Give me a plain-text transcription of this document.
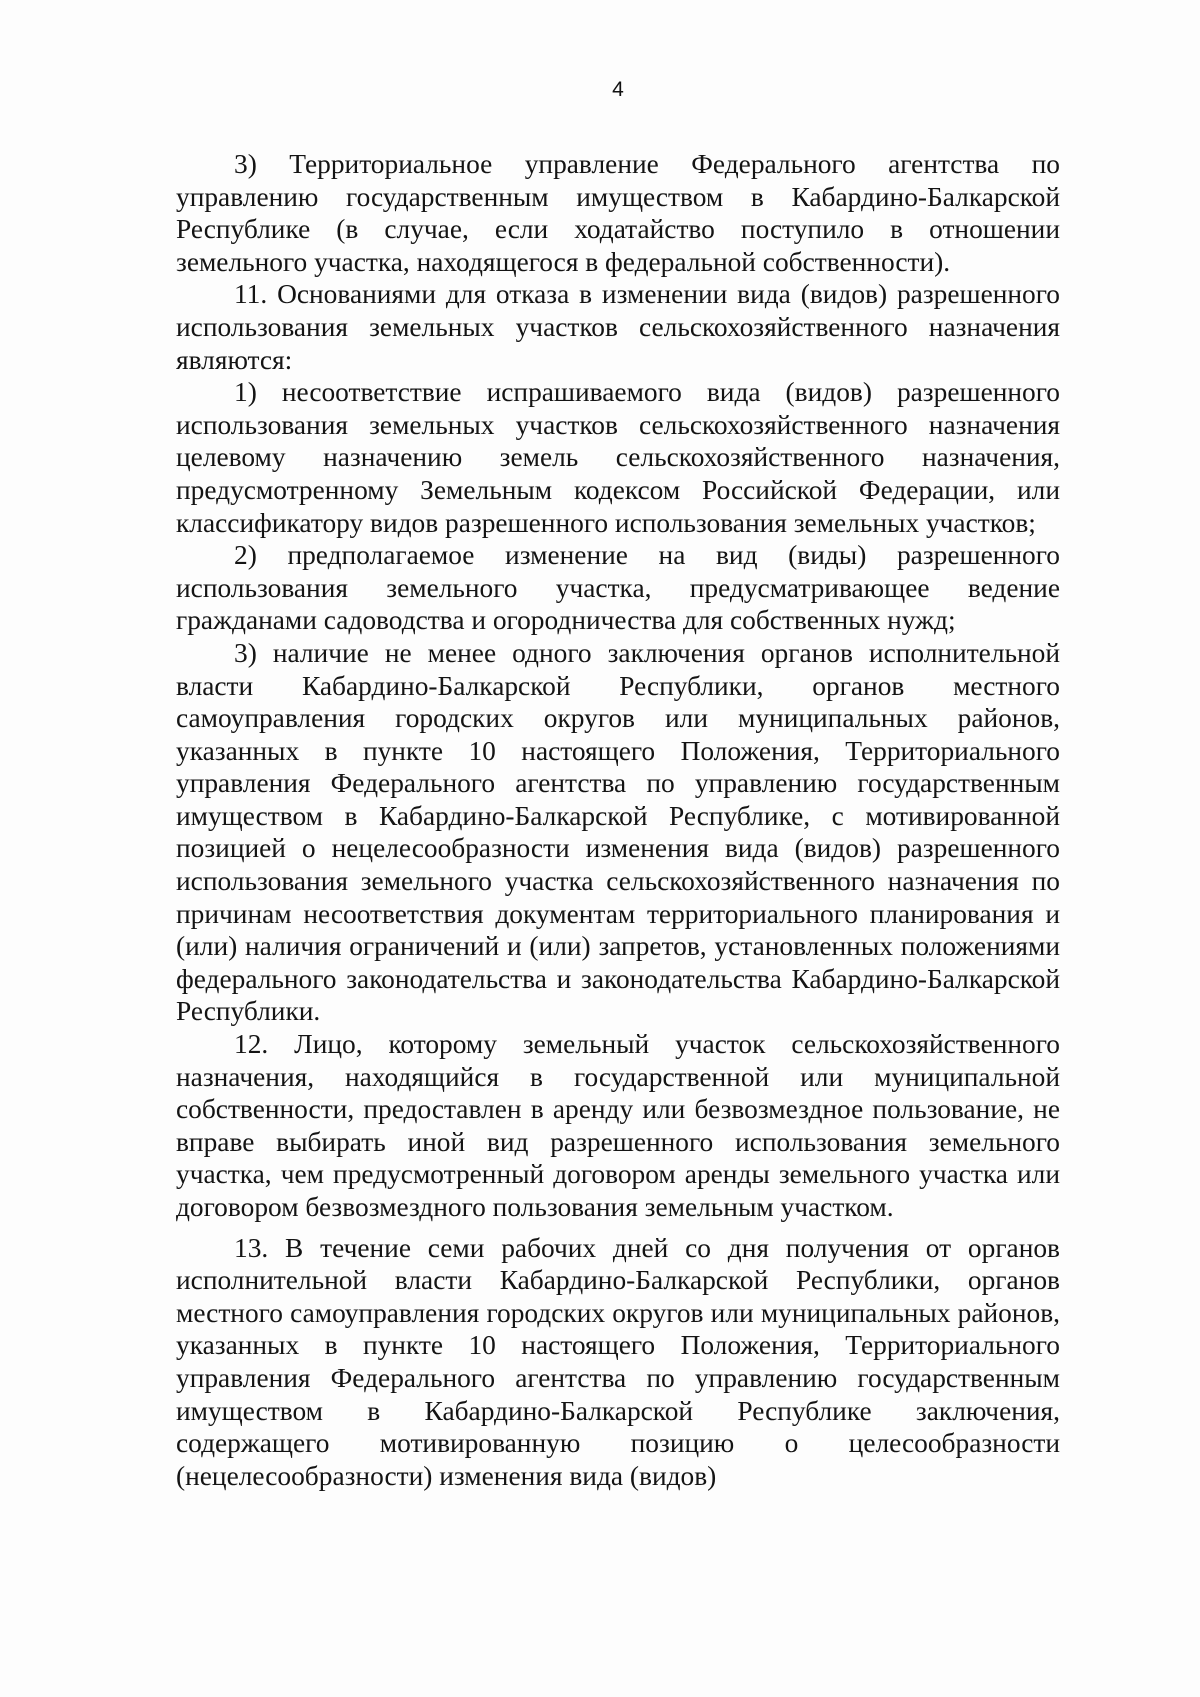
4

3) Территориальное управление Федерального агентства по управлению государственным имуществом в Кабардино-Балкарской Республике (в случае, если ходатайство поступило в отношении земельного участка, находящегося в федеральной собственности).

11. Основаниями для отказа в изменении вида (видов) разрешенного использования земельных участков сельскохозяйственного назначения являются:

1) несоответствие испрашиваемого вида (видов) разрешенного использования земельных участков сельскохозяйственного назначения целевому назначению земель сельскохозяйственного назначения, предусмотренному Земельным кодексом Российской Федерации, или классификатору видов разрешенного использования земельных участков;

2) предполагаемое изменение на вид (виды) разрешенного использования земельного участка, предусматривающее ведение гражданами садоводства и огородничества для собственных нужд;

3) наличие не менее одного заключения органов исполнительной власти Кабардино-Балкарской Республики, органов местного самоуправления городских округов или муниципальных районов, указанных в пункте 10 настоящего Положения, Территориального управления Федерального агентства по управлению государственным имуществом в Кабардино-Балкарской Республике, с мотивированной позицией о нецелесообразности изменения вида (видов) разрешенного использования земельного участка сельскохозяйственного назначения по причинам несоответствия документам территориального планирования и (или) наличия ограничений и (или) запретов, установленных положениями федерального законодательства и законодательства Кабардино-Балкарской Республики.

12. Лицо, которому земельный участок сельскохозяйственного назначения, находящийся в государственной или муниципальной собственности, предоставлен в аренду или безвозмездное пользование, не вправе выбирать иной вид разрешенного использования земельного участка, чем предусмотренный договором аренды земельного участка или договором безвозмездного пользования земельным участком.

13. В течение семи рабочих дней со дня получения от органов исполнительной власти Кабардино-Балкарской Республики, органов местного самоуправления городских округов или муниципальных районов, указанных в пункте 10 настоящего Положения, Территориального управления Федерального агентства по управлению государственным имуществом в Кабардино-Балкарской Республике заключения, содержащего мотивированную позицию о целесообразности (нецелесообразности) изменения вида (видов)
